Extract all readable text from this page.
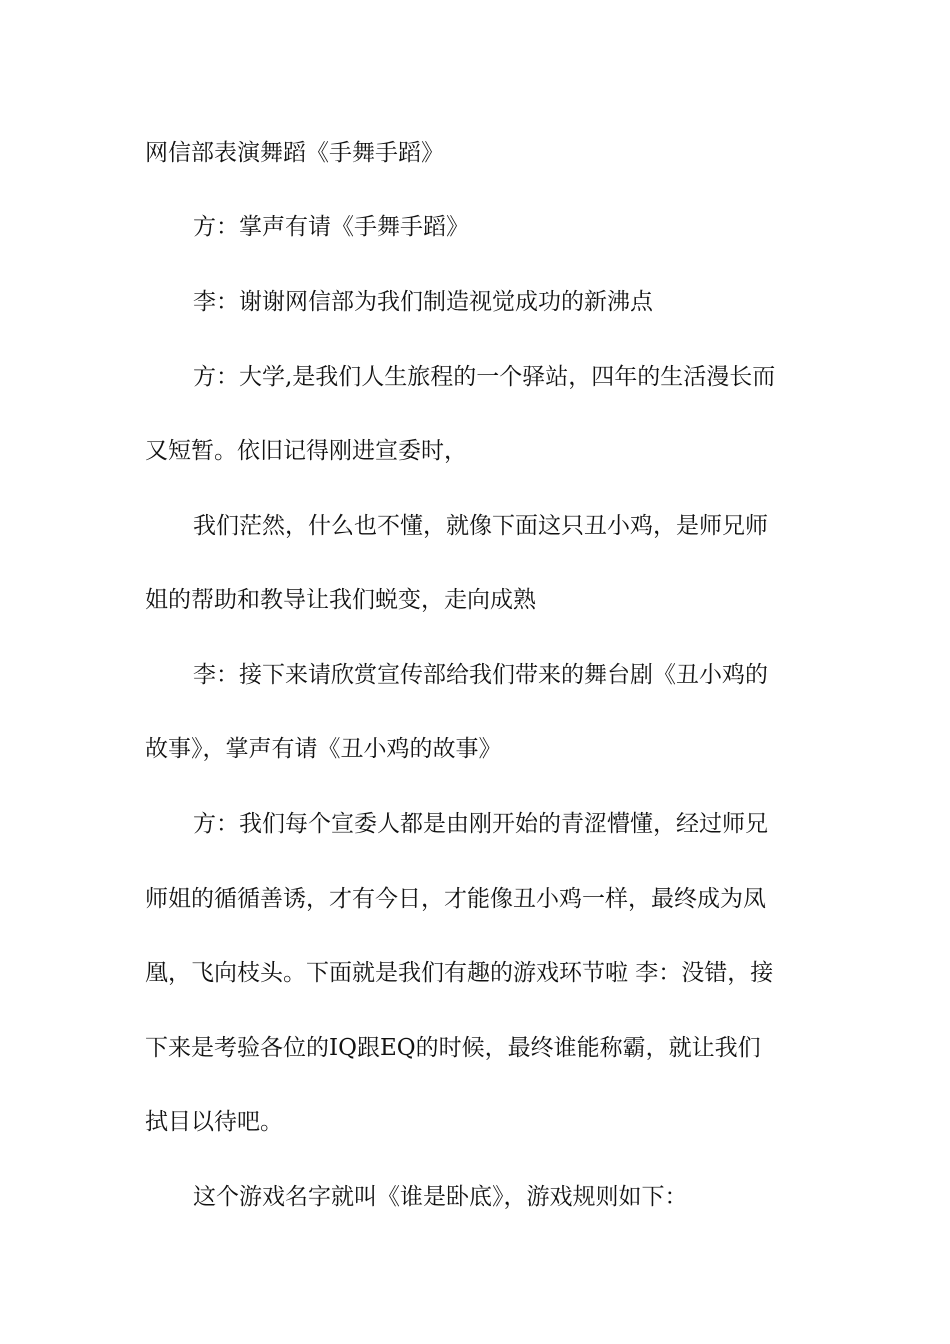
网信部表演舞蹈《手舞手蹈》
方：掌声有请《手舞手蹈》
李：谢谢网信部为我们制造视觉成功的新沸点
方：大学,是我们人生旅程的一个驿站，四年的生活漫长而
又短暂。依旧记得刚进宣委时，
我们茫然，什么也不懂，就像下面这只丑小鸡，是师兄师
姐的帮助和教导让我们蜕变，走向成熟
李：接下来请欣赏宣传部给我们带来的舞台剧《丑小鸡的
故事》，掌声有请《丑小鸡的故事》
方：我们每个宣委人都是由刚开始的青涩懵懂，经过师兄
师姐的循循善诱，才有今日，才能像丑小鸡一样，最终成为凤
凰，飞向枝头。下面就是我们有趣的游戏环节啦 李：没错，接
下来是考验各位的IQ跟EQ的时候，最终谁能称霸，就让我们
拭目以待吧。
这个游戏名字就叫《谁是卧底》，游戏规则如下：
